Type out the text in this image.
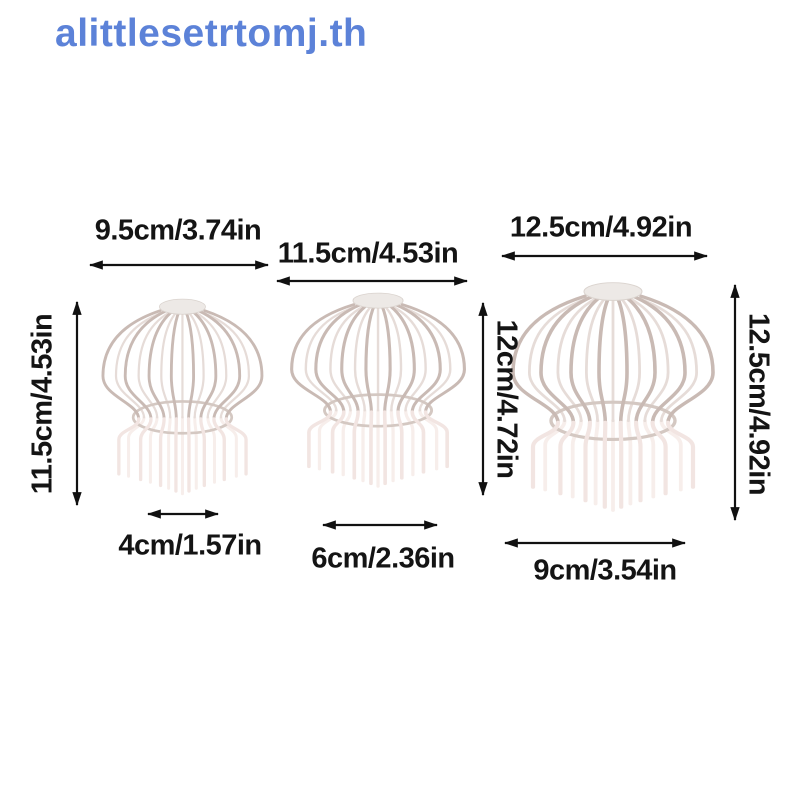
alittlesetrtomj.th
9.5cm/3.74in
11.5cm/4.53in
12.5cm/4.92in
11.5cm/4.53in	12cm/4.72in	12.5cm/4.92in
4cm/1.57in 6cm/2.36in	9cm/3.54in
